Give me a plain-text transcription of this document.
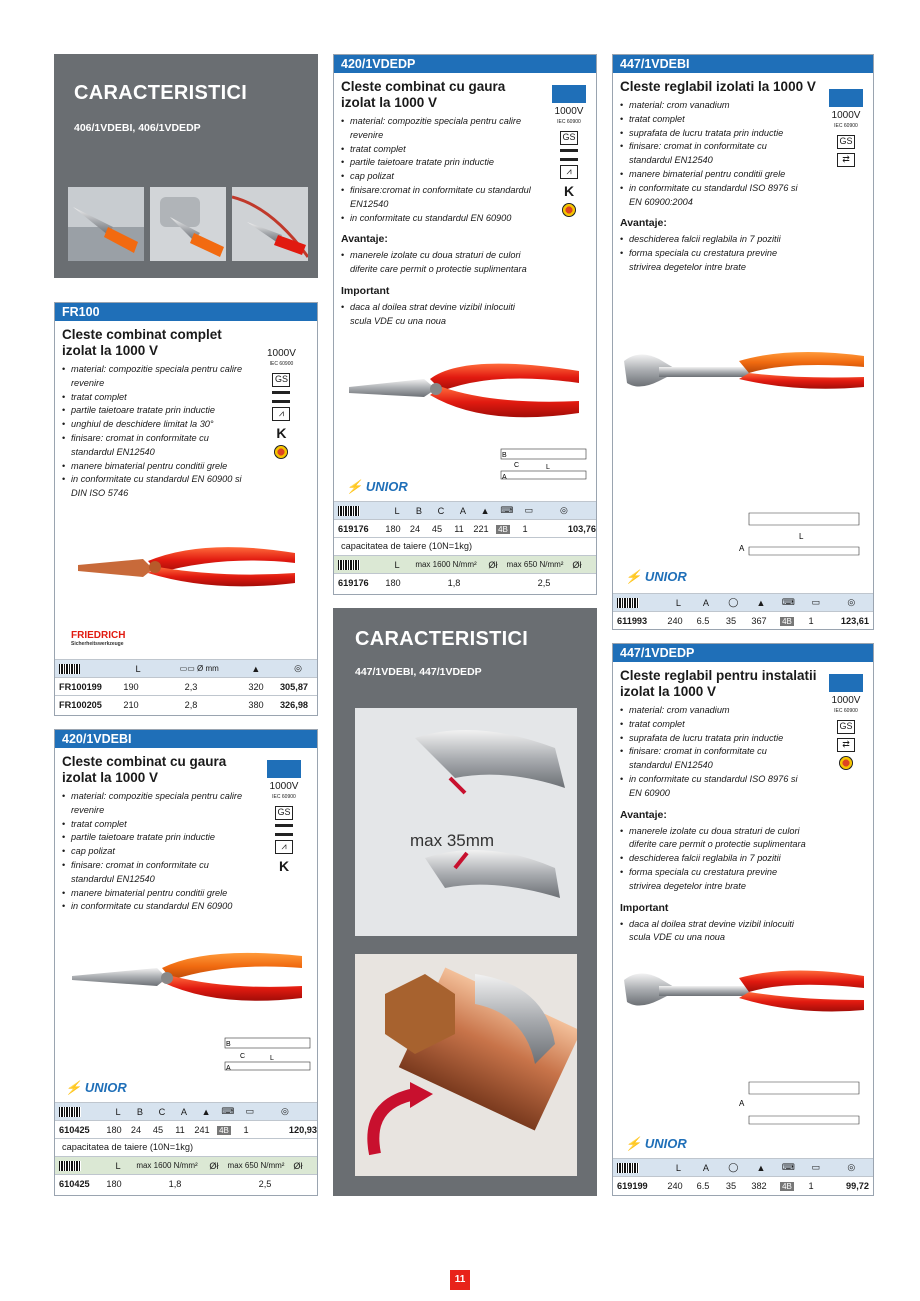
CARACTERISTICI
406/1VDEBI, 406/1VDEDP
FR100
Cleste combinat complet izolat la 1000 V
• material: compozitie speciala pentru calire revenire
• tratat complet
• partile taietoare tratate prin inductie
• unghiul de deschidere limitat la 30°
• finisare: cromat in conformitate cu standardul EN12540
• manere bimaterial pentru conditii grele
• in conformitate cu standardul EN 60900 si DIN ISO 5746
1000V
IEC 60900
GS
⩘
K
FRIEDRICH
Sicherheitswerkzeuge
L	▭▭ Ø mm	▲	◎
FR100199	190	2,3	320	305,87
FR100205	210	2,8	380	326,98
420/1VDEBI
Cleste combinat cu gaura izolat la 1000 V
• material: compozitie speciala pentru calire revenire
• tratat complet
• partile taietoare tratate prin inductie
• cap polizat
• finisare: cromat in conformitate cu standardul EN12540
• manere bimaterial pentru conditii grele
• in conformitate cu standardul EN 60900
1000V
IEC 60900
GS
⩘
K
B
C
A
L
⚡ UNIOR
L	B	C	A	▲	⌨	▭	◎
610425	180	24	45	11	241	4B	1	120,93
capacitatea de taiere (10N=1kg)
L	max 1600 N/mm²	Øł	max 650 N/mm² Øł
610425	180	1,8	2,5
420/1VDEDP
Cleste combinat cu gaura izolat la 1000 V
• material: compozitie speciala pentru calire revenire
• tratat complet
• partile taietoare tratate prin inductie
• cap polizat
• finisare:cromat in conformitate cu standardul EN12540
• in conformitate cu standardul EN 60900
Avantaje:
• manerele izolate cu doua straturi de culori diferite care permit o protectie suplimentara
Important
• daca al doilea strat devine vizibil inlocuiti scula VDE cu una noua
1000V
IEC 60900
GS
⩘
K
B
C
A
L
⚡ UNIOR
L	B	C	A	▲	⌨	▭	◎
619176	180	24	45	11	221	4B	1	103,76
capacitatea de taiere (10N=1kg)
L	max 1600 N/mm²	Øł	max 650 N/mm² Øł
619176	180	1,8	2,5
CARACTERISTICI
447/1VDEBI, 447/1VDEDP
max 35mm
447/1VDEBI
Cleste reglabil izolati la 1000 V
• material: crom vanadium
• tratat complet
• suprafata de lucru tratata prin inductie
• finisare: cromat in conformitate cu standardul EN12540
• manere bimaterial pentru conditii grele
• in conformitate cu standardul ISO 8976 si EN 60900:2004
Avantaje:
• deschiderea falcii reglabila in 7 pozitii
• forma speciala cu crestatura previne strivirea degetelor intre brate
1000V
IEC 60900
GS
⇄
L
A
⚡ UNIOR
L	A	◯	▲	⌨	▭	◎
611993	240	6.5	35	367	4B	1	123,61
447/1VDEDP
Cleste reglabil pentru instalatii izolat la 1000 V
• material: crom vanadium
• tratat complet
• suprafata de lucru tratata prin inductie
• finisare: cromat in conformitate cu standardul EN12540
• in conformitate cu standardul ISO 8976 si EN 60900
Avantaje:
• manerele izolate cu doua straturi de culori diferite care permit o protectie suplimentara
• deschiderea falcii reglabila in 7 pozitii
• forma speciala cu crestatura previne strivirea degetelor intre brate
Important
• daca al doilea strat devine vizibil inlocuiti scula VDE cu una noua
1000V
IEC 60900
GS
⇄
A
⚡ UNIOR
L	A	◯	▲	⌨	▭	◎
619199	240	6.5	35	382	4B	1	99,72
11
